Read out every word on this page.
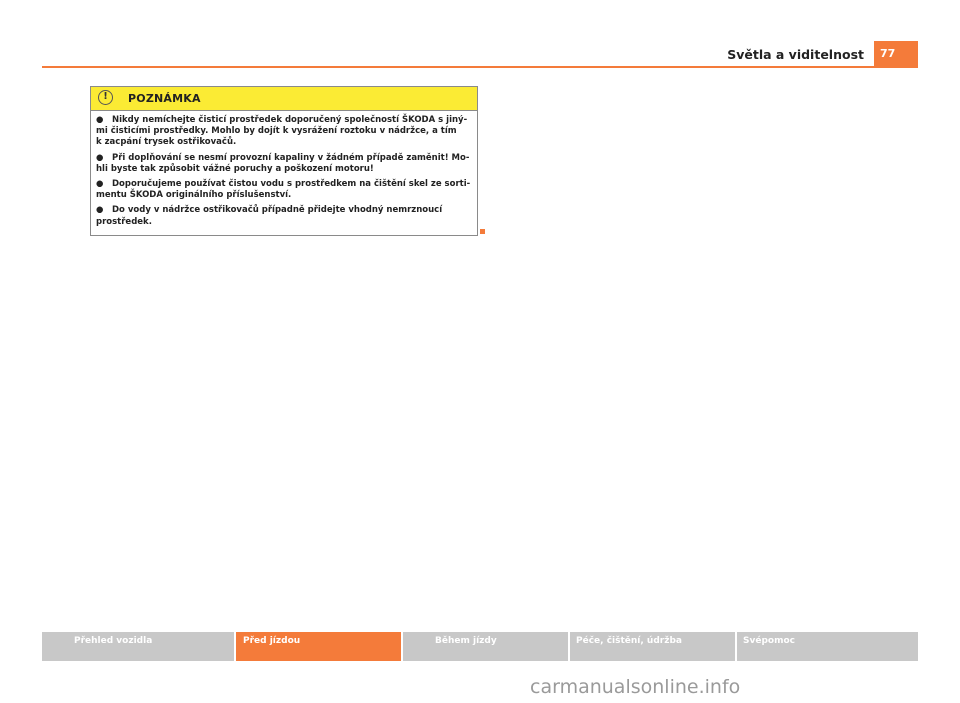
Světla a viditelnost	77
!	POZNÁMKA
● Nikdy nemíchejte čisticí prostředek doporučený společností ŠKODA s jiný-
mi čisticími prostředky. Mohlo by dojít k vysrážení roztoku v nádržce, a tím
k zacpání trysek ostřikovačů.
● Při doplňování se nesmí provozní kapaliny v žádném případě zaměnit! Mo-
hli byste tak způsobit vážné poruchy a poškození motoru!
● Doporučujeme používat čistou vodu s prostředkem na čištění skel ze sorti-
mentu ŠKODA originálního příslušenství.
● Do vody v nádržce ostřikovačů případně přidejte vhodný nemrznoucí
prostředek.
Přehled vozidla	Před jízdou	Během jízdy	Péče, čištění, údržba	Svépomoc
carmanualsonline.info
